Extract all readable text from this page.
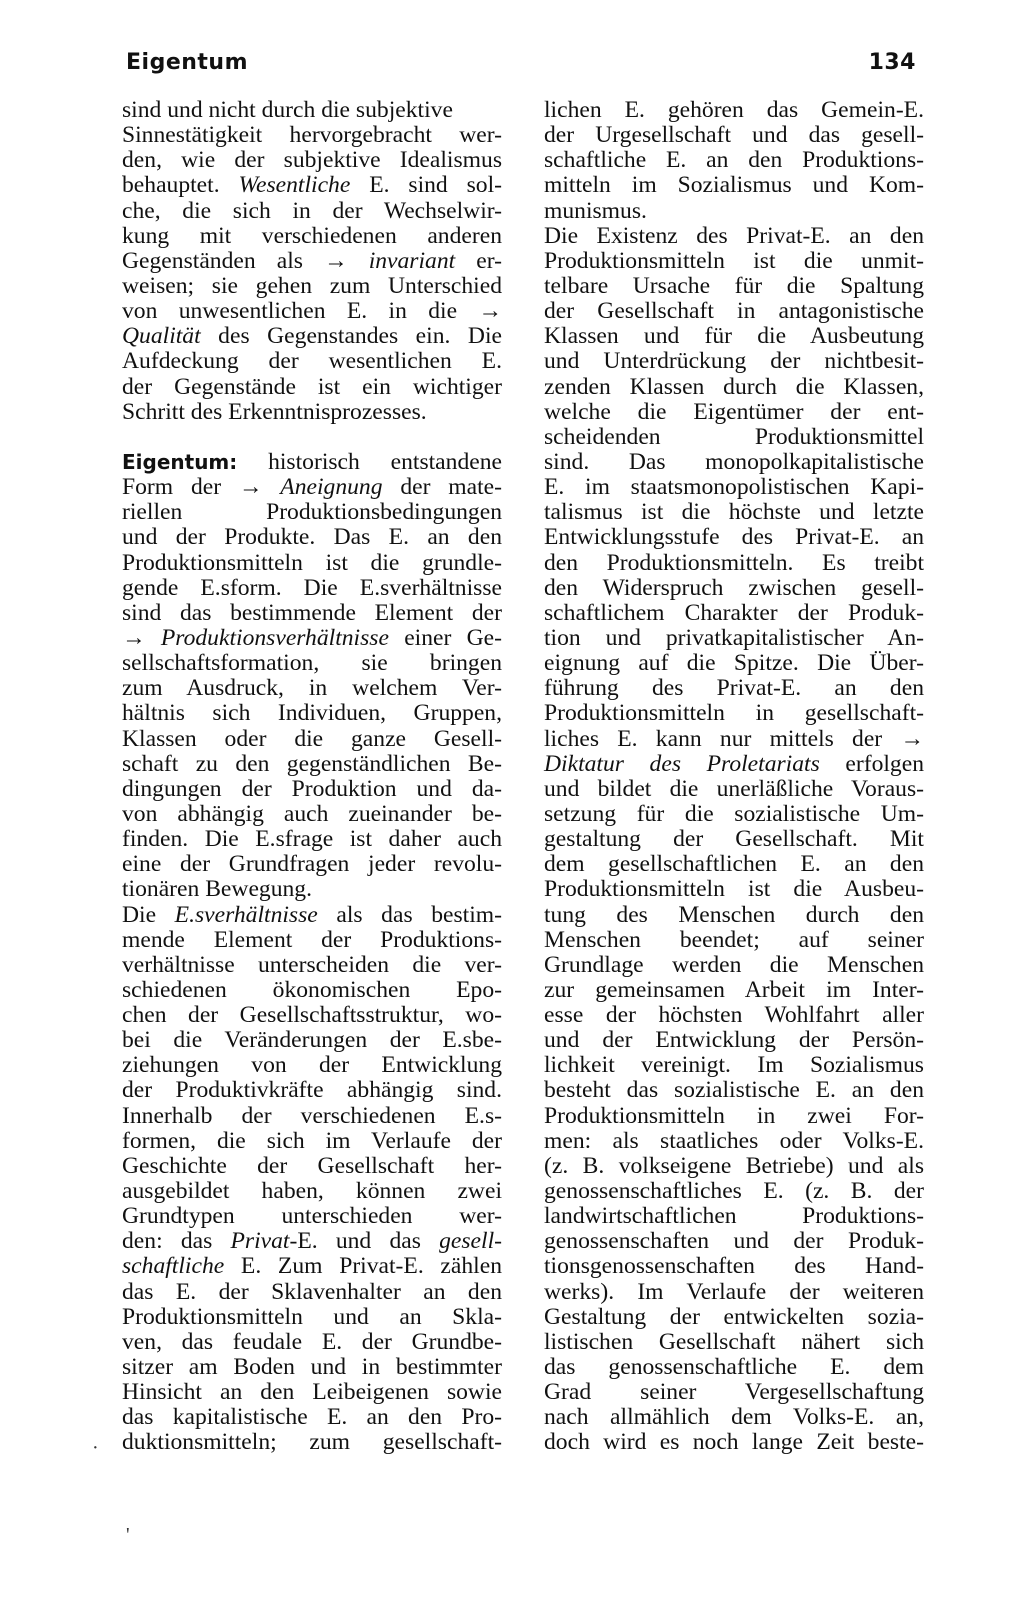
Eigentum	134
sind und nicht durch die subjektive
Sinnestätigkeit hervorgebracht wer-
den, wie der subjektive Idealismus
behauptet. Wesentliche E. sind sol-
che, die sich in der Wechselwir-
kung mit verschiedenen anderen
Gegenständen als → invariant er-
weisen; sie gehen zum Unterschied
von unwesentlichen E. in die →
Qualität des Gegenstandes ein. Die
Aufdeckung der wesentlichen E.
der Gegenstände ist ein wichtiger
Schritt des Erkenntnisprozesses.
Eigentum: historisch entstandene
Form der → Aneignung der mate-
riellen Produktionsbedingungen
und der Produkte. Das E. an den
Produktionsmitteln ist die grundle-
gende E.sform. Die E.sverhältnisse
sind das bestimmende Element der
→ Produktionsverhältnisse einer Ge-
sellschaftsformation, sie bringen
zum Ausdruck, in welchem Ver-
hältnis sich Individuen, Gruppen,
Klassen oder die ganze Gesell-
schaft zu den gegenständlichen Be-
dingungen der Produktion und da-
von abhängig auch zueinander be-
finden. Die E.sfrage ist daher auch
eine der Grundfragen jeder revolu-
tionären Bewegung.
Die E.sverhältnisse als das bestim-
mende Element der Produktions-
verhältnisse unterscheiden die ver-
schiedenen ökonomischen Epo-
chen der Gesellschaftsstruktur, wo-
bei die Veränderungen der E.sbe-
ziehungen von der Entwicklung
der Produktivkräfte abhängig sind.
Innerhalb der verschiedenen E.s-
formen, die sich im Verlaufe der
Geschichte der Gesellschaft her-
ausgebildet haben, können zwei
Grundtypen unterschieden wer-
den: das Privat-E. und das gesell-
schaftliche E. Zum Privat-E. zählen
das E. der Sklavenhalter an den
Produktionsmitteln und an Skla-
ven, das feudale E. der Grundbe-
sitzer am Boden und in bestimmter
Hinsicht an den Leibeigenen sowie
das kapitalistische E. an den Pro-
duktionsmitteln; zum gesellschaft-
lichen E. gehören das Gemein-E.
der Urgesellschaft und das gesell-
schaftliche E. an den Produktions-
mitteln im Sozialismus und Kom-
munismus.
Die Existenz des Privat-E. an den
Produktionsmitteln ist die unmit-
telbare Ursache für die Spaltung
der Gesellschaft in antagonistische
Klassen und für die Ausbeutung
und Unterdrückung der nichtbesit-
zenden Klassen durch die Klassen,
welche die Eigentümer der ent-
scheidenden Produktionsmittel
sind. Das monopolkapitalistische
E. im staatsmonopolistischen Kapi-
talismus ist die höchste und letzte
Entwicklungsstufe des Privat-E. an
den Produktionsmitteln. Es treibt
den Widerspruch zwischen gesell-
schaftlichem Charakter der Produk-
tion und privatkapitalistischer An-
eignung auf die Spitze. Die Über-
führung des Privat-E. an den
Produktionsmitteln in gesellschaft-
liches E. kann nur mittels der →
Diktatur des Proletariats erfolgen
und bildet die unerläßliche Voraus-
setzung für die sozialistische Um-
gestaltung der Gesellschaft. Mit
dem gesellschaftlichen E. an den
Produktionsmitteln ist die Ausbeu-
tung des Menschen durch den
Menschen beendet; auf seiner
Grundlage werden die Menschen
zur gemeinsamen Arbeit im Inter-
esse der höchsten Wohlfahrt aller
und der Entwicklung der Persön-
lichkeit vereinigt. Im Sozialismus
besteht das sozialistische E. an den
Produktionsmitteln in zwei For-
men: als staatliches oder Volks-E.
(z. B. volkseigene Betriebe) und als
genossenschaftliches E. (z. B. der
landwirtschaftlichen Produktions-
genossenschaften und der Produk-
tionsgenossenschaften des Hand-
werks). Im Verlaufe der weiteren
Gestaltung der entwickelten sozia-
listischen Gesellschaft nähert sich
das genossenschaftliche E. dem
Grad seiner Vergesellschaftung
nach allmählich dem Volks-E. an,
doch wird es noch lange Zeit beste-
·
'
